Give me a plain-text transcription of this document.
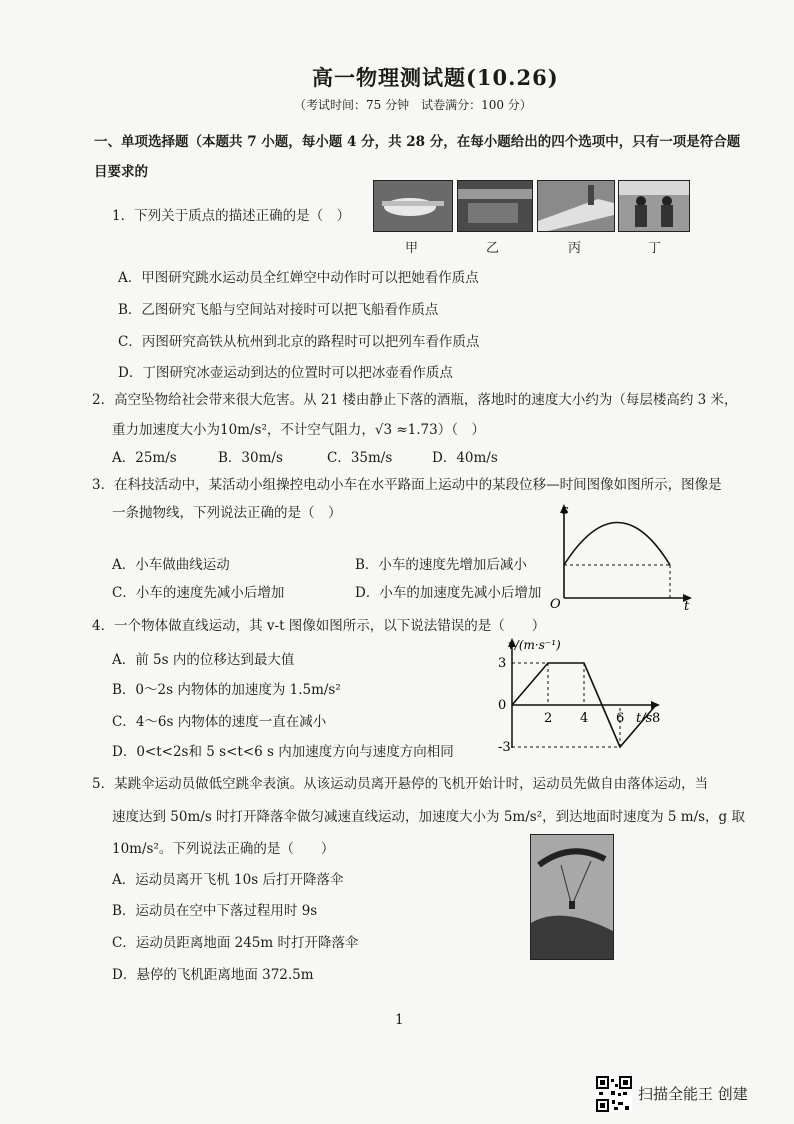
高一物理测试题(10.26)
（考试时间：75 分钟　试卷满分：100 分）
一、单项选择题（本题共 7 小题，每小题 4 分，共 28 分，在每小题给出的四个选项中，只有一项是符合题
目要求的
1．下列关于质点的描述正确的是（　）
甲	乙	丙	丁
A．甲图研究跳水运动员全红婵空中动作时可以把她看作质点
B．乙图研究飞船与空间站对接时可以把飞船看作质点
C．丙图研究高铁从杭州到北京的路程时可以把列车看作质点
D．丁图研究冰壶运动到达的位置时可以把冰壶看作质点
2．高空坠物给社会带来很大危害。从 21 楼由静止下落的酒瓶，落地时的速度大小约为（每层楼高约 3 米，
重力加速度大小为10m/s²，不计空气阻力，√3 ≈1.73）（　）
A．25m/s	B．30m/s	C．35m/s	D．40m/s
3．在科技活动中，某活动小组操控电动小车在水平路面上运动中的某段位移—时间图像如图所示，图像是
一条抛物线，下列说法正确的是（　）
A．小车做曲线运动	B．小车的速度先增加后减小
C．小车的速度先减小后增加	D．小车的加速度先减小后增加
s
O	t
4．一个物体做直线运动，其 v-t 图像如图所示，以下说法错误的是（　　）
A．前 5s 内的位移达到最大值
B．0～2s 内物体的加速度为 1.5m/s²
C．4～6s 内物体的速度一直在减小
D．0<t<2s和 5 s<t<6 s 内加速度方向与速度方向相同
v/(m·s⁻¹)
t/s
3
0
-3
2 4 6 8
5．某跳伞运动员做低空跳伞表演。从该运动员离开悬停的飞机开始计时，运动员先做自由落体运动，当
速度达到 50m/s 时打开降落伞做匀减速直线运动，加速度大小为 5m/s²，到达地面时速度为 5 m/s，g 取
10m/s²。下列说法正确的是（　　）
A．运动员离开飞机 10s 后打开降落伞
B．运动员在空中下落过程用时 9s
C．运动员距离地面 245m 时打开降落伞
D．悬停的飞机距离地面 372.5m
1
扫描全能王 创建
